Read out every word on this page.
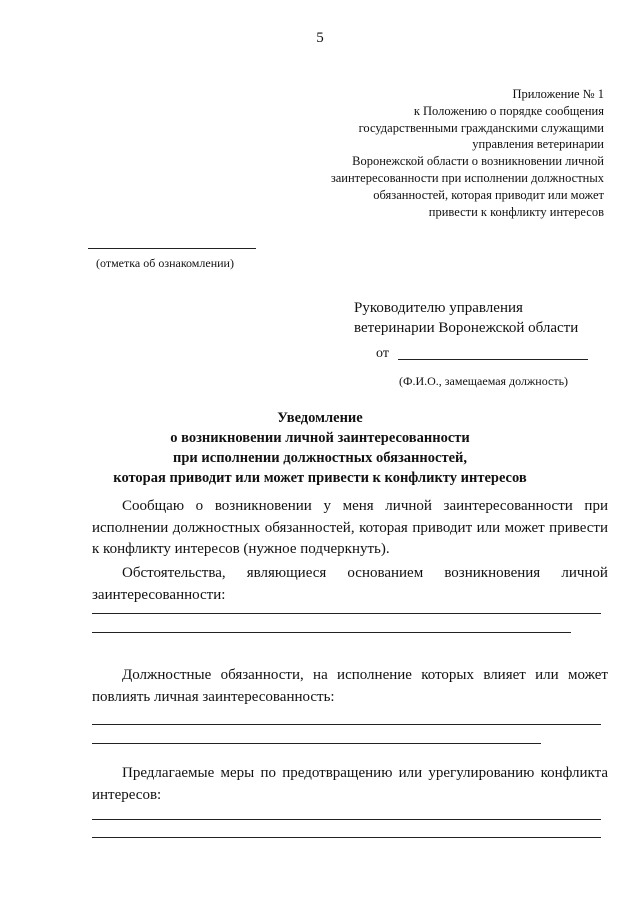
5
Приложение № 1
к Положению о порядке сообщения
государственными гражданскими служащими
управления ветеринарии
Воронежской области о возникновении личной
заинтересованности при исполнении должностных
обязанностей, которая приводит или может
привести к конфликту интересов
(отметка об ознакомлении)
Руководителю управления
ветеринарии Воронежской области
от
(Ф.И.О., замещаемая должность)
Уведомление
о возникновении личной заинтересованности
при исполнении должностных обязанностей,
которая приводит или может привести к конфликту интересов
Сообщаю о возникновении у меня личной заинтересованности при исполнении должностных обязанностей, которая приводит или может привести к конфликту интересов (нужное подчеркнуть).
Обстоятельства, являющиеся основанием возникновения личной
заинтересованности:
Должностные обязанности, на исполнение которых влияет или может повлиять личная заинтересованность:
Предлагаемые меры по предотвращению или урегулированию конфликта интересов:
